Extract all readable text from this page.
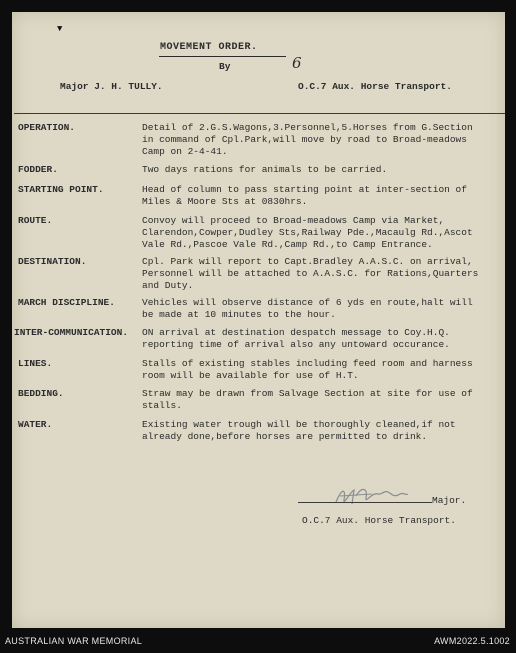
▼
MOVEMENT ORDER.
By	6
Major J. H. TULLY.	O.C.7 Aux. Horse Transport.
OPERATION.	Detail of 2.G.S.Wagons,3.Personnel,5.Horses from G.Section
in command of Cpl.Park,will move by road to Broad-meadows
Camp on 2-4-41.
FODDER.	Two days rations for animals to be carried.
STARTING POINT.	Head of column to pass starting point at inter-section of
Miles & Moore Sts at 0830hrs.
ROUTE.	Convoy will proceed to Broad-meadows Camp via Market,
Clarendon,Cowper,Dudley Sts,Railway Pde.,Macaulg Rd.,Ascot
Vale Rd.,Pascoe Vale Rd.,Camp Rd.,to Camp Entrance.
DESTINATION.	Cpl. Park will report to Capt.Bradley A.A.S.C. on arrival,
Personnel will be attached to A.A.S.C. for Rations,Quarters
and Duty.
MARCH DISCIPLINE.	Vehicles will observe distance of 6 yds en route,halt will
be made at 10 minutes to the hour.
INTER-COMMUNICATION. ON arrival at destination despatch message to Coy.H.Q.
reporting time of arrival also any untoward occurance.
LINES.	Stalls of existing stables including feed room and harness
room will be available for use of H.T.
BEDDING.	Straw may be drawn from Salvage Section at site for use of
stalls.
WATER.	Existing water trough will be thoroughly cleaned,if not
already done,before horses are permitted to drink.
Major.
O.C.7 Aux. Horse Transport.
AUSTRALIAN WAR MEMORIAL	AWM2022.5.1002
